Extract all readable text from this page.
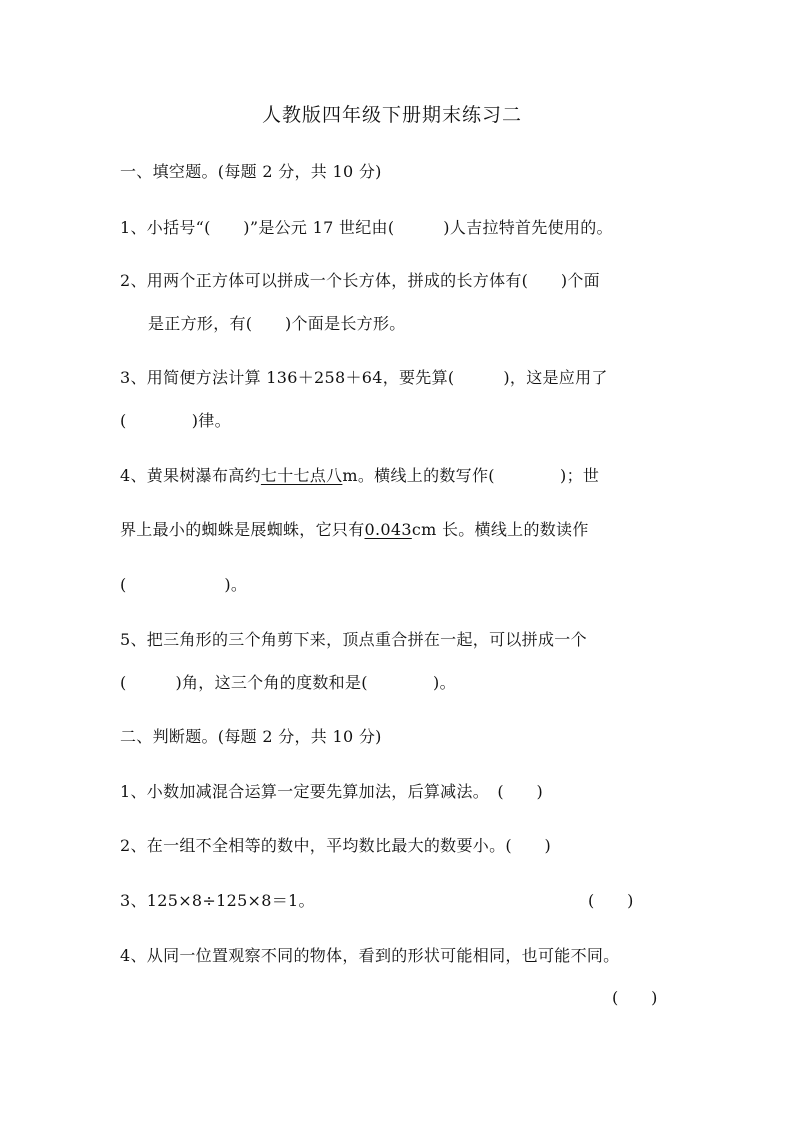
人教版四年级下册期末练习二
一、填空题。(每题 2 分，共 10 分)
1、小括号“(　　)”是公元 17 世纪由(　　　)人吉拉特首先使用的。
2、用两个正方体可以拼成一个长方体，拼成的长方体有(　　)个面
是正方形，有(　　)个面是长方形。
3、用简便方法计算 136＋258＋64，要先算(　　　)，这是应用了
(　　　　)律。
4、黄果树瀑布高约七十七点八m。横线上的数写作(　　　　)；世
界上最小的蜘蛛是展蜘蛛，它只有0.043cm 长。横线上的数读作
(　　　　　　)。
5、把三角形的三个角剪下来，顶点重合拼在一起，可以拼成一个
(　　　)角，这三个角的度数和是(　　　　)。
二、判断题。(每题 2 分，共 10 分)
1、小数加减混合运算一定要先算加法，后算减法。　(　　)
2、在一组不全相等的数中，平均数比最大的数要小。(　　)
3、125×8÷125×8＝1。	(　　)
4、从同一位置观察不同的物体，看到的形状可能相同，也可能不同。
(　　)
